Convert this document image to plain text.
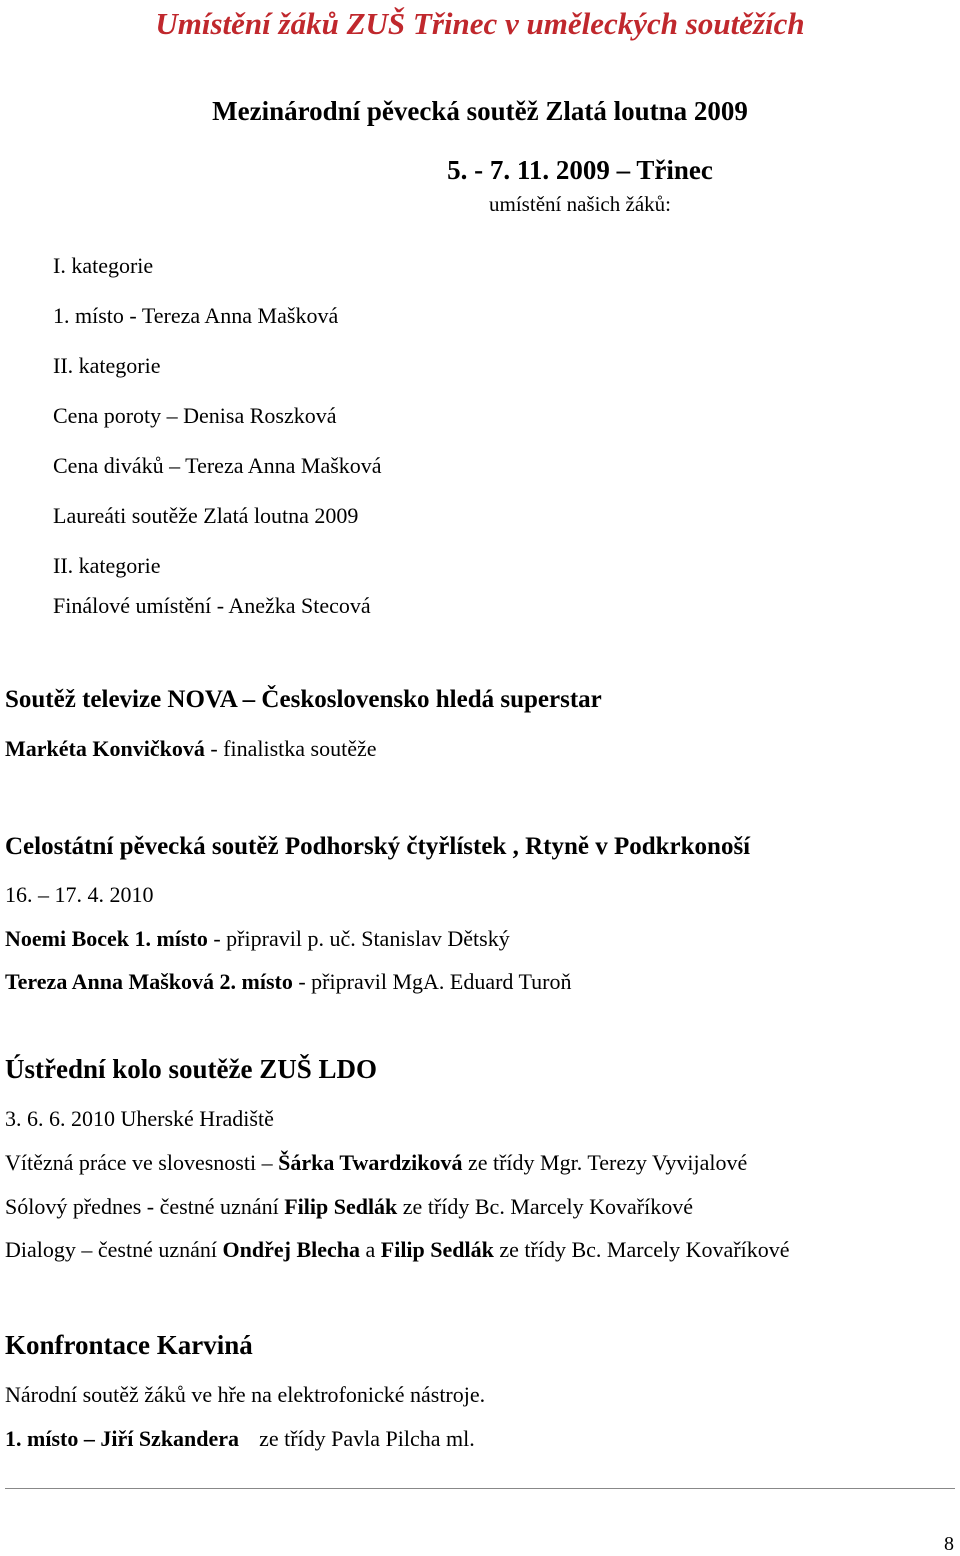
Umístění žáků ZUŠ Třinec v uměleckých soutěžích
Mezinárodní pěvecká soutěž Zlatá loutna 2009
5. - 7. 11. 2009 – Třinec
umístění našich žáků:
I. kategorie
1. místo - Tereza Anna Mašková
II. kategorie
Cena poroty – Denisa Roszková
Cena diváků – Tereza Anna Mašková
Laureáti soutěže Zlatá loutna 2009
II. kategorie
Finálové umístění - Anežka Stecová
Soutěž televize NOVA – Československo hledá superstar
Markéta Konvičková - finalistka soutěže
Celostátní pěvecká soutěž Podhorský čtyřlístek , Rtyně v Podkrkonoší
16. – 17. 4. 2010
Noemi Bocek 1. místo - připravil p. uč. Stanislav Dětský
Tereza Anna Mašková 2. místo - připravil MgA. Eduard Turoň
Ústřední kolo soutěže ZUŠ LDO
3. 6. 6. 2010 Uherské Hradiště
Vítězná práce ve slovesnosti – Šárka Twardziková ze třídy Mgr. Terezy Vyvijalové
Sólový přednes - čestné uznání Filip Sedlák ze třídy Bc. Marcely Kovaříkové
Dialogy – čestné uznání Ondřej Blecha a Filip Sedlák ze třídy Bc. Marcely Kovaříkové
Konfrontace Karviná
Národní soutěž žáků ve hře na elektrofonické nástroje.
1. místo – Jiří Szkandera ze třídy Pavla Pilcha ml.
8
